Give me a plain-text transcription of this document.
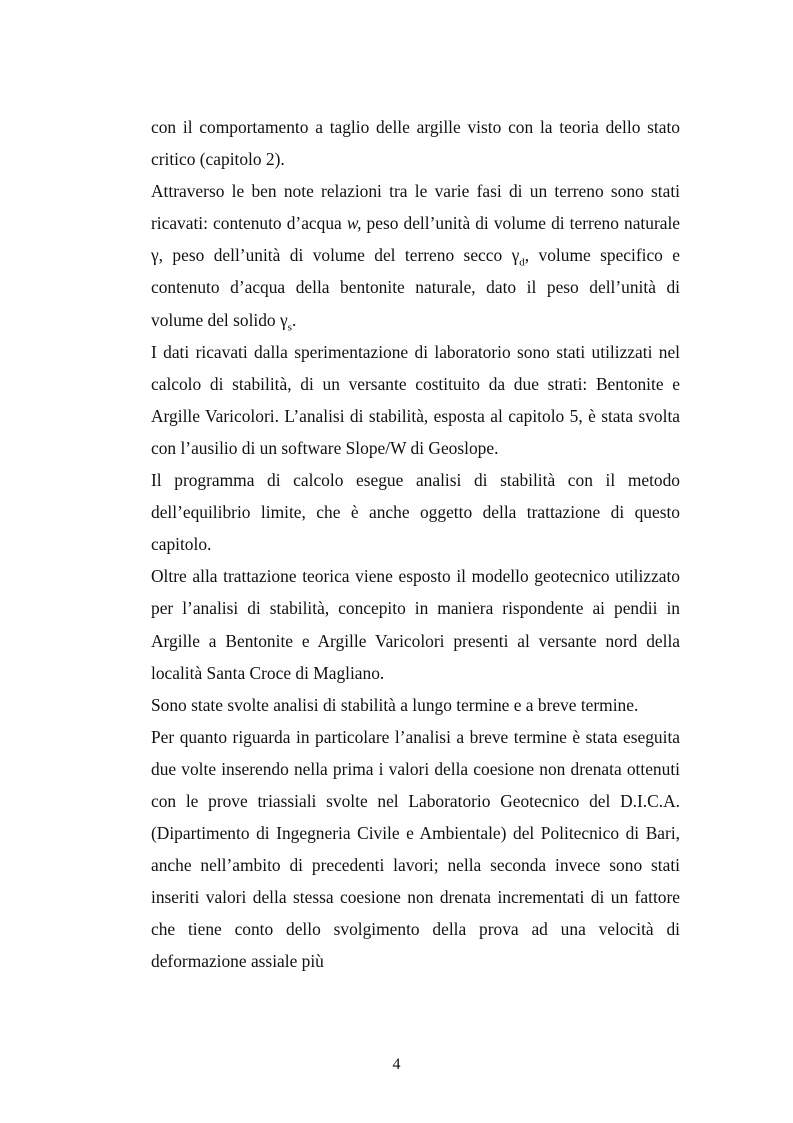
con il comportamento a taglio delle argille visto con la teoria dello stato critico (capitolo 2).

Attraverso le ben note relazioni tra le varie fasi di un terreno sono stati ricavati: contenuto d’acqua w, peso dell’unità di volume di terreno naturale γ, peso dell’unità di volume del terreno secco $\gamma_d$, volume specifico e contenuto d’acqua della bentonite naturale, dato il peso dell’unità di volume del solido $\gamma_s$.

I dati ricavati dalla sperimentazione di laboratorio sono stati utilizzati nel calcolo di stabilità, di un versante costituito da due strati: Bentonite e Argille Varicolori. L’analisi di stabilità, esposta al capitolo 5, è stata svolta con l’ausilio di un software Slope/W di Geoslope.

Il programma di calcolo esegue analisi di stabilità con il metodo dell’equilibrio limite, che è anche oggetto della trattazione di questo capitolo.

Oltre alla trattazione teorica viene esposto il modello geotecnico utilizzato per l’analisi di stabilità, concepito in maniera rispondente ai pendii in Argille a Bentonite e Argille Varicolori presenti al versante nord della località Santa Croce di Magliano.

Sono state svolte analisi di stabilità a lungo termine e a breve termine.

Per quanto riguarda in particolare l’analisi a breve termine è stata eseguita due volte inserendo nella prima i valori della coesione non drenata ottenuti con le prove triassiali svolte nel Laboratorio Geotecnico del D.I.C.A. (Dipartimento di Ingegneria Civile e Ambientale) del Politecnico di Bari, anche nell’ambito di precedenti lavori; nella seconda invece sono stati inseriti valori della stessa coesione non drenata incrementati di un fattore che tiene conto dello svolgimento della prova ad una velocità di deformazione assiale più

4
